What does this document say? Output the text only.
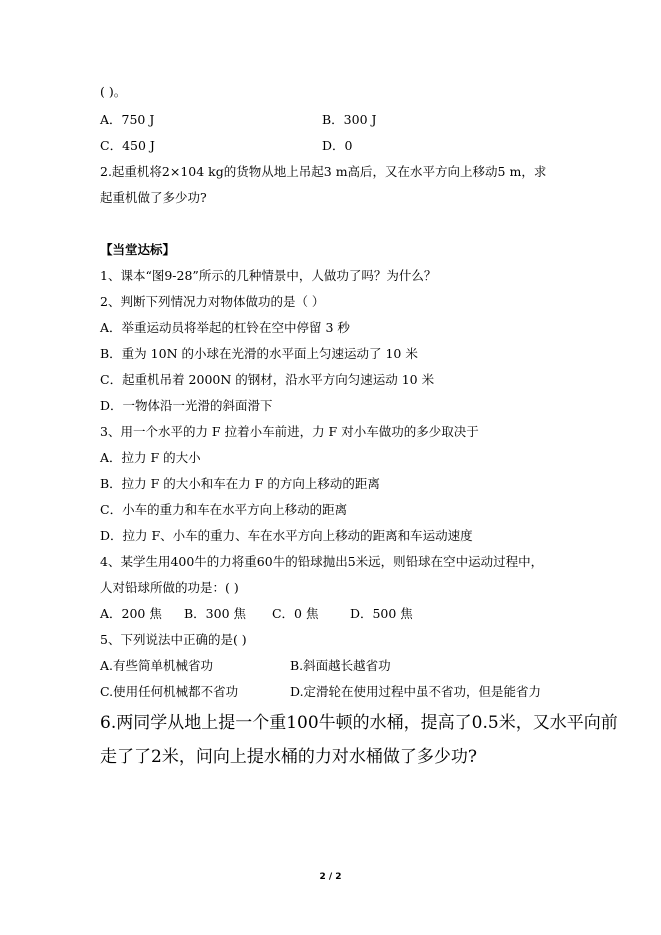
( )。
A．750 J	B．300 J
C．450 J	D．0
2.起重机将2×104 kg的货物从地上吊起3 m高后，又在水平方向上移动5 m，求
起重机做了多少功?
【当堂达标】
1、课本“图9-28”所示的几种情景中，人做功了吗？为什么？
2、判断下列情况力对物体做功的是（ ）
A．举重运动员将举起的杠铃在空中停留 3 秒
B．重为 10N 的小球在光滑的水平面上匀速运动了 10 米
C．起重机吊着 2000N 的钢材，沿水平方向匀速运动 10 米
D．一物体沿一光滑的斜面滑下
3、用一个水平的力 F 拉着小车前进，力 F 对小车做功的多少取决于
A．拉力 F 的大小
B．拉力 F 的大小和车在力 F 的方向上移动的距离
C．小车的重力和车在水平方向上移动的距离
D．拉力 F、小车的重力、车在水平方向上移动的距离和车运动速度
4、某学生用400牛的力将重60牛的铅球抛出5米远，则铅球在空中运动过程中，
人对铅球所做的功是：( )
A．200 焦 B．300 焦 C．0 焦	D．500 焦
5、下列说法中正确的是( )
A.有些简单机械省功	B.斜面越长越省功
C.使用任何机械都不省功	D.定滑轮在使用过程中虽不省功，但是能省力
6.两同学从地上提一个重100牛顿的水桶，提高了0.5米，又水平向前
走了了2米，问向上提水桶的力对水桶做了多少功?
2 / 2
